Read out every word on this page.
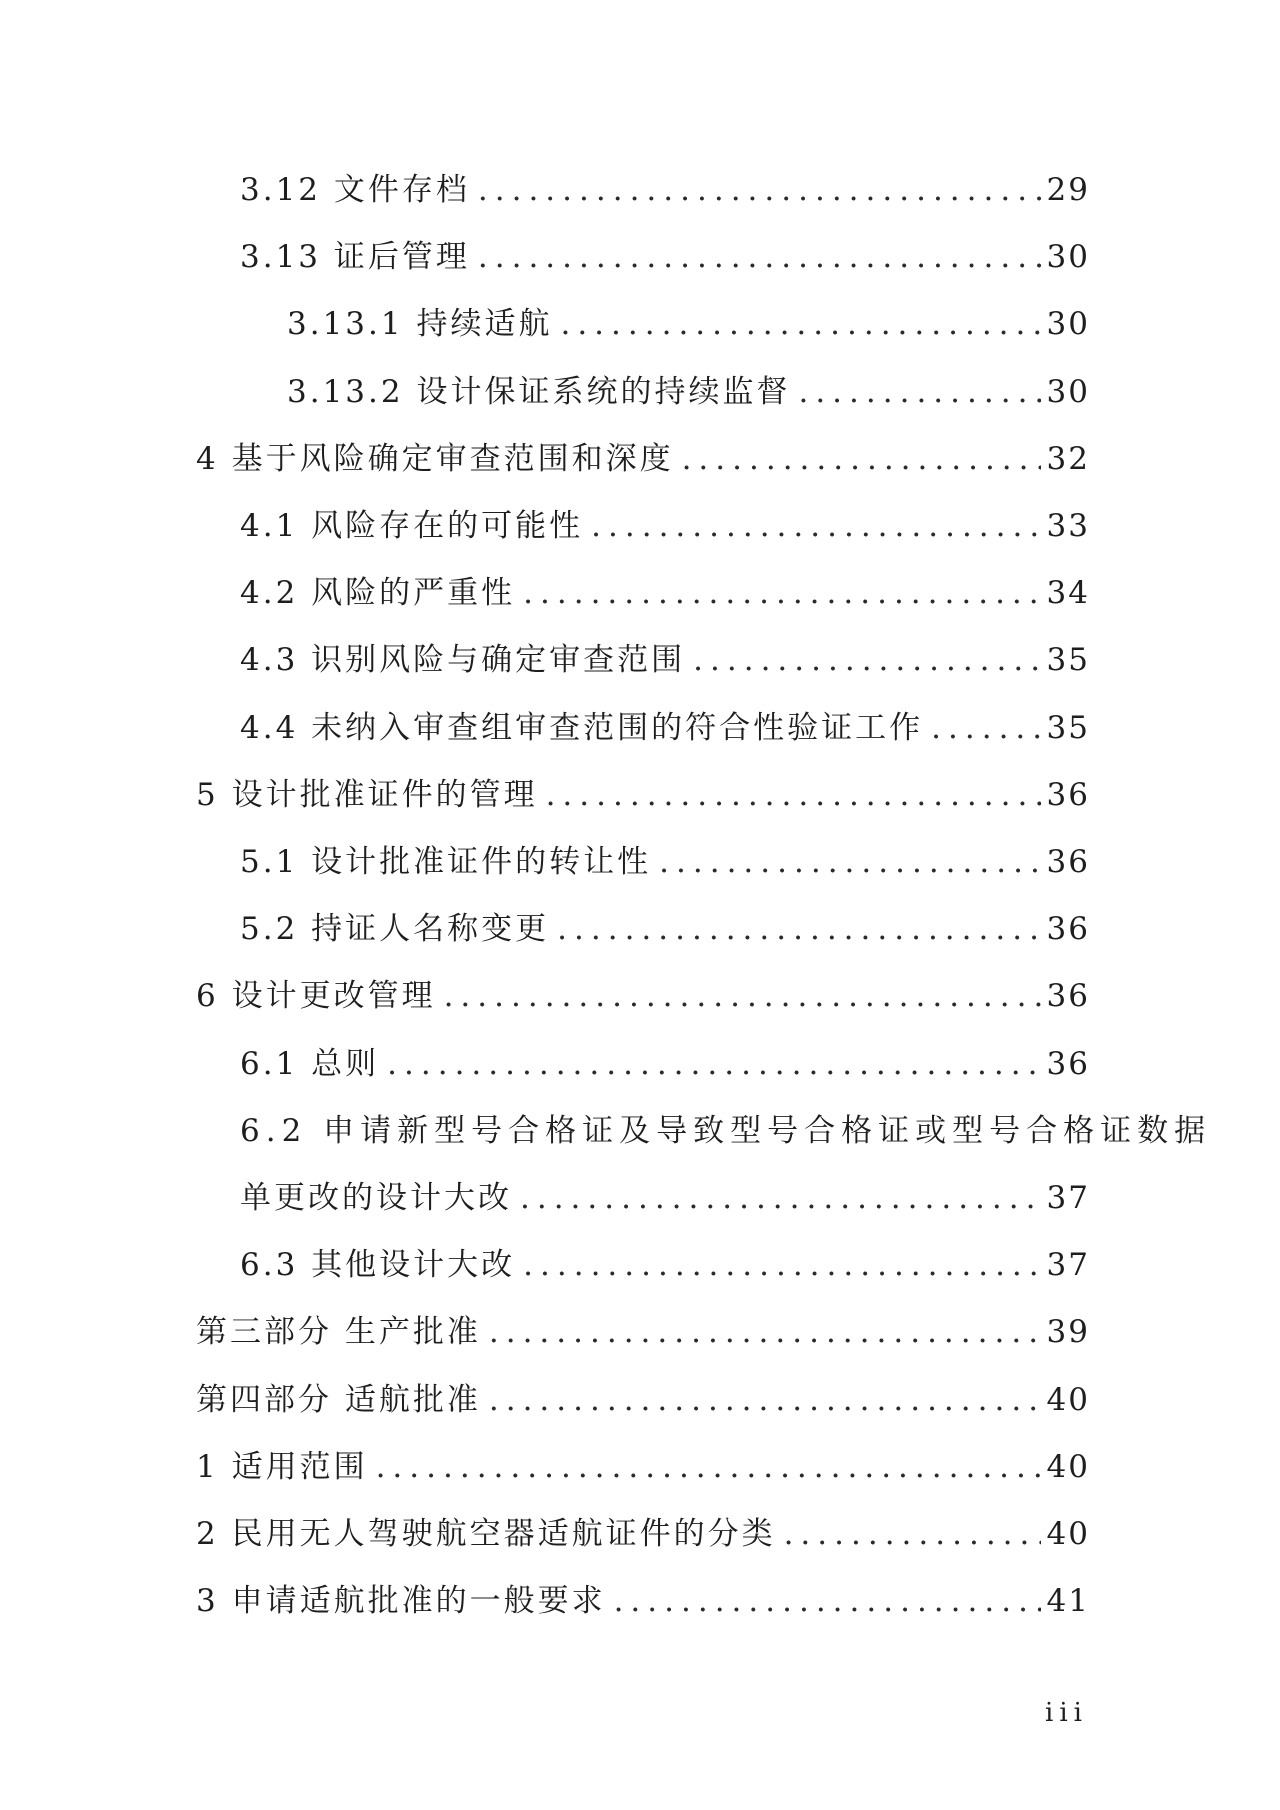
3.12 文件存档 .....	29
3.13 证后管理 .....	30
3.13.1 持续适航 .....	30
3.13.2 设计保证系统的持续监督 .....	30
4 基于风险确定审查范围和深度 .....	32
4.1 风险存在的可能性 .....	33
4.2 风险的严重性 .....	34
4.3 识别风险与确定审查范围 .....	35
4.4 未纳入审查组审查范围的符合性验证工作 .....	35
5 设计批准证件的管理 .....	36
5.1 设计批准证件的转让性 .....	36
5.2 持证人名称变更 .....	36
6 设计更改管理 .....	36
6.1 总则 .....	36
6.2 申请新型号合格证及导致型号合格证或型号合格证数据
单更改的设计大改 .....	37
6.3 其他设计大改 .....	37
第三部分 生产批准 .....	39
第四部分 适航批准 .....	40
1 适用范围 .....	40
2 民用无人驾驶航空器适航证件的分类 .....	40
3 申请适航批准的一般要求 .....	41
iii
